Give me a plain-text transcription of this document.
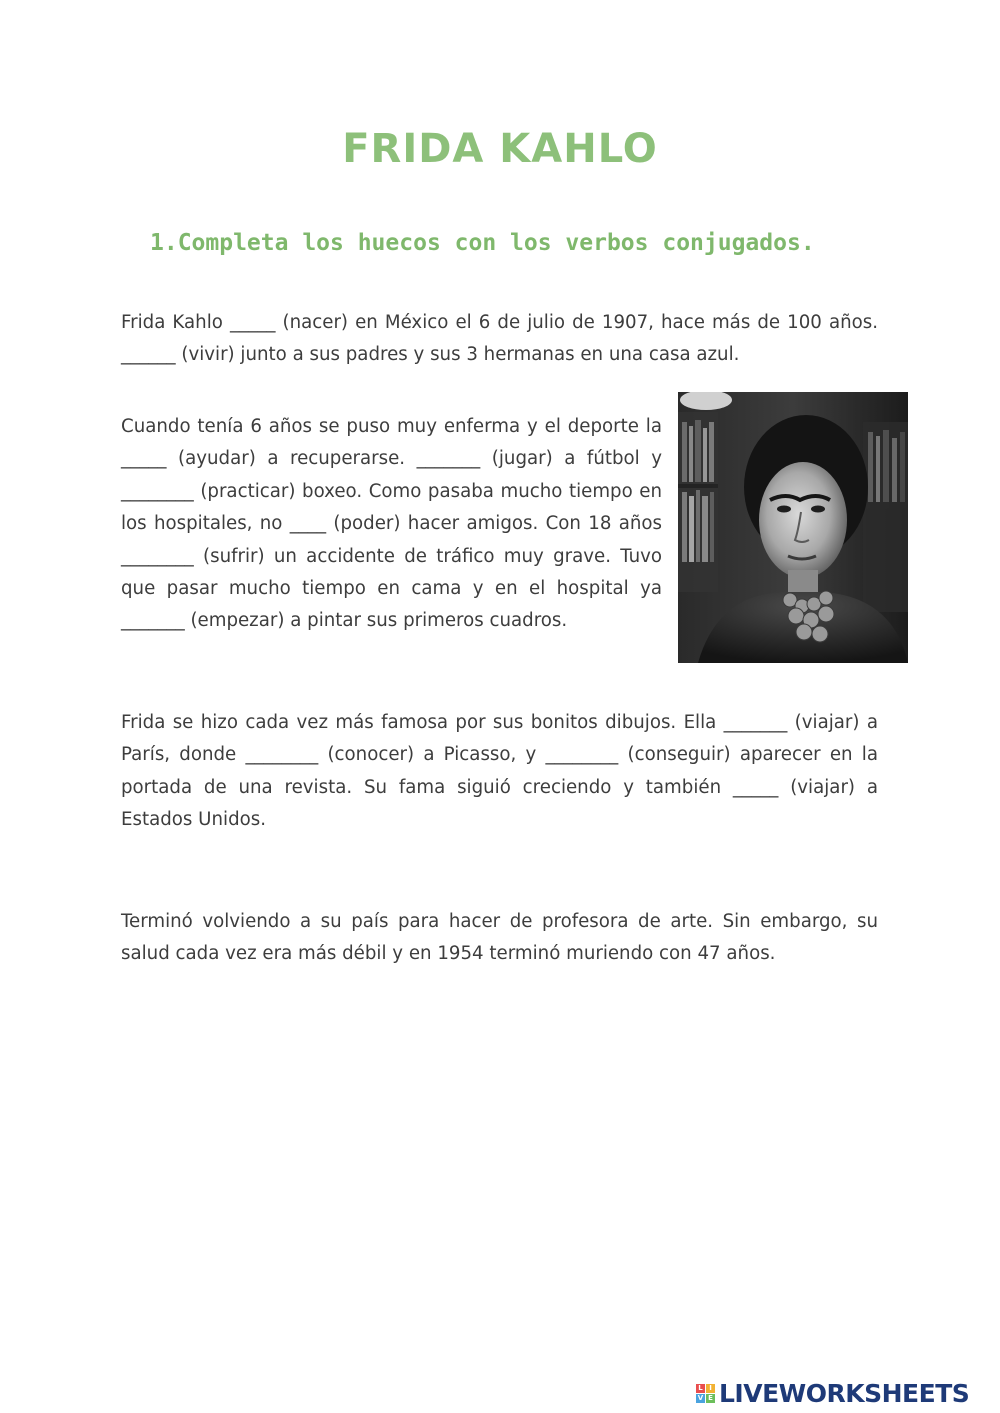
FRIDA KAHLO

1.Completa los huecos con los verbos conjugados.

Frida Kahlo _____ (nacer) en México el 6 de julio de 1907, hace más de 100 años. ______ (vivir) junto a sus padres y sus 3 hermanas en una casa azul.

Cuando tenía 6 años se puso muy enferma y el deporte la _____ (ayudar) a recuperarse. _______ (jugar) a fútbol y ________ (practicar) boxeo. Como pasaba mucho tiempo en los hospitales, no ____ (poder) hacer amigos. Con 18 años ________ (sufrir) un accidente de tráfico muy grave. Tuvo que pasar mucho tiempo en cama y en el hospital ya _______ (empezar) a pintar sus primeros cuadros.

Frida se hizo cada vez más famosa por sus bonitos dibujos. Ella _______ (viajar) a París, donde ________ (conocer) a Picasso, y ________ (conseguir) aparecer en la portada de una revista. Su fama siguió creciendo y también _____ (viajar) a Estados Unidos.

Terminó volviendo a su país para hacer de profesora de arte. Sin embargo, su salud cada vez era más débil y en 1954 terminó muriendo con 47 años.

L I
V E LIVEWORKSHEETS
